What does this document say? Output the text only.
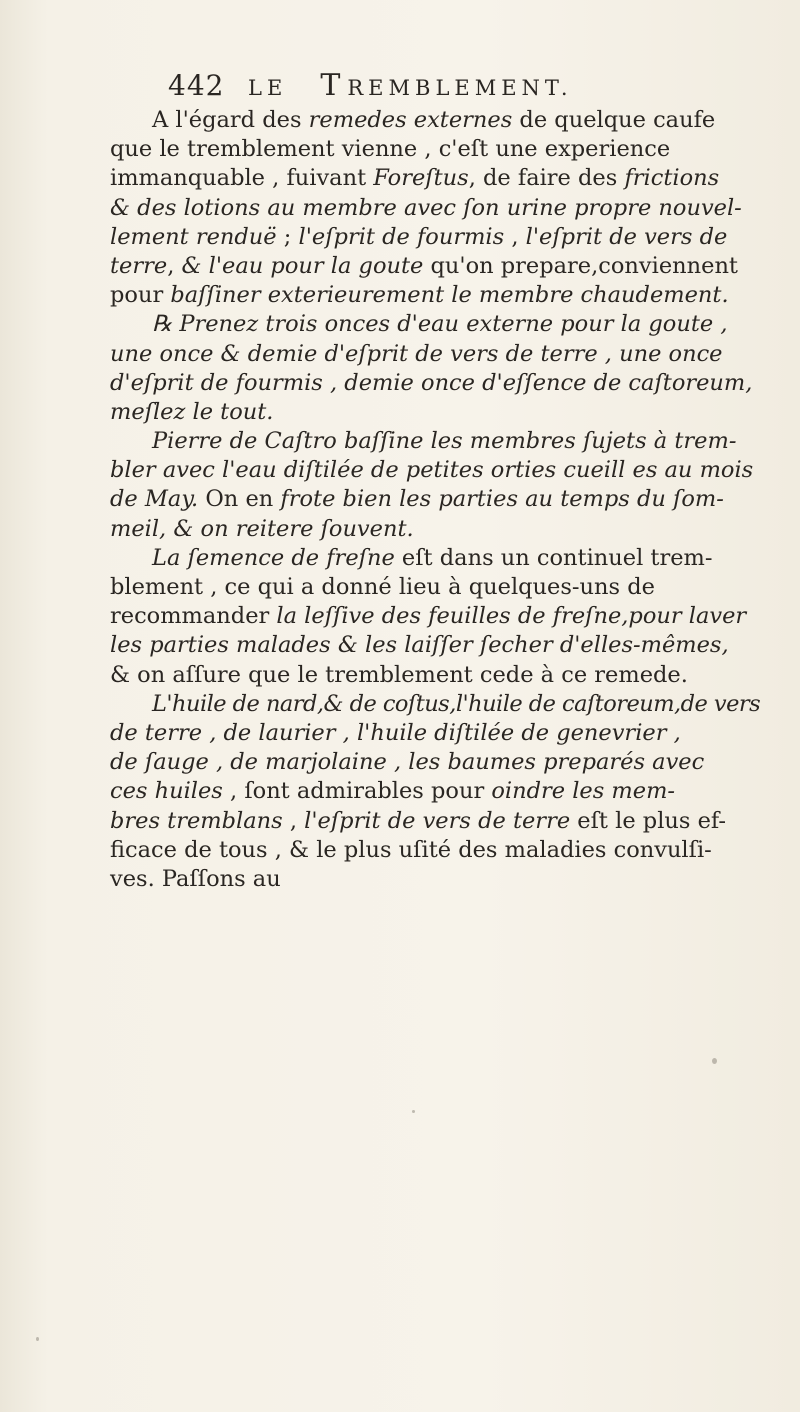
442	LE TREMBLEMENT.
A l'égard des remedes externes de quelque caufe
que le tremblement vienne , c'eſt une experience
immanquable , fuivant Foreſtus, de faire des frictions
& des lotions au membre avec ſon urine propre nouvel-
lement renduë ; l'eſprit de fourmis , l'eſprit de vers de
terre, & l'eau pour la goute qu'on prepare,conviennent
pour baſſiner exterieurement le membre chaudement.
℞ Prenez trois onces d'eau externe pour la goute ,
une once & demie d'eſprit de vers de terre , une once
d'eſprit de fourmis , demie once d'eſſence de caſtoreum,
meſlez le tout.
Pierre de Caſtro baſſine les membres ſujets à trem-
bler avec l'eau diſtilée de petites orties cueill es au mois
de May. On en frote bien les parties au temps du ſom-
meil, & on reitere ſouvent.
La ſemence de freſne eſt dans un continuel trem-
blement , ce qui a donné lieu à quelques-uns de
recommander la leſſive des feuilles de freſne,pour laver
les parties malades & les laiſſer ſecher d'elles-mêmes,
& on aſſure que le tremblement cede à ce remede.
L'huile de nard,& de coſtus,l'huile de caſtoreum,de vers
de terre , de laurier , l'huile diſtilée de genevrier ,
de ſauge , de marjolaine , les baumes preparés avec
ces huiles , ſont admirables pour oindre les mem-
bres tremblans , l'eſprit de vers de terre eſt le plus ef-
ficace de tous , & le plus uſité des maladies convulſi-
ves. Paſſons au
